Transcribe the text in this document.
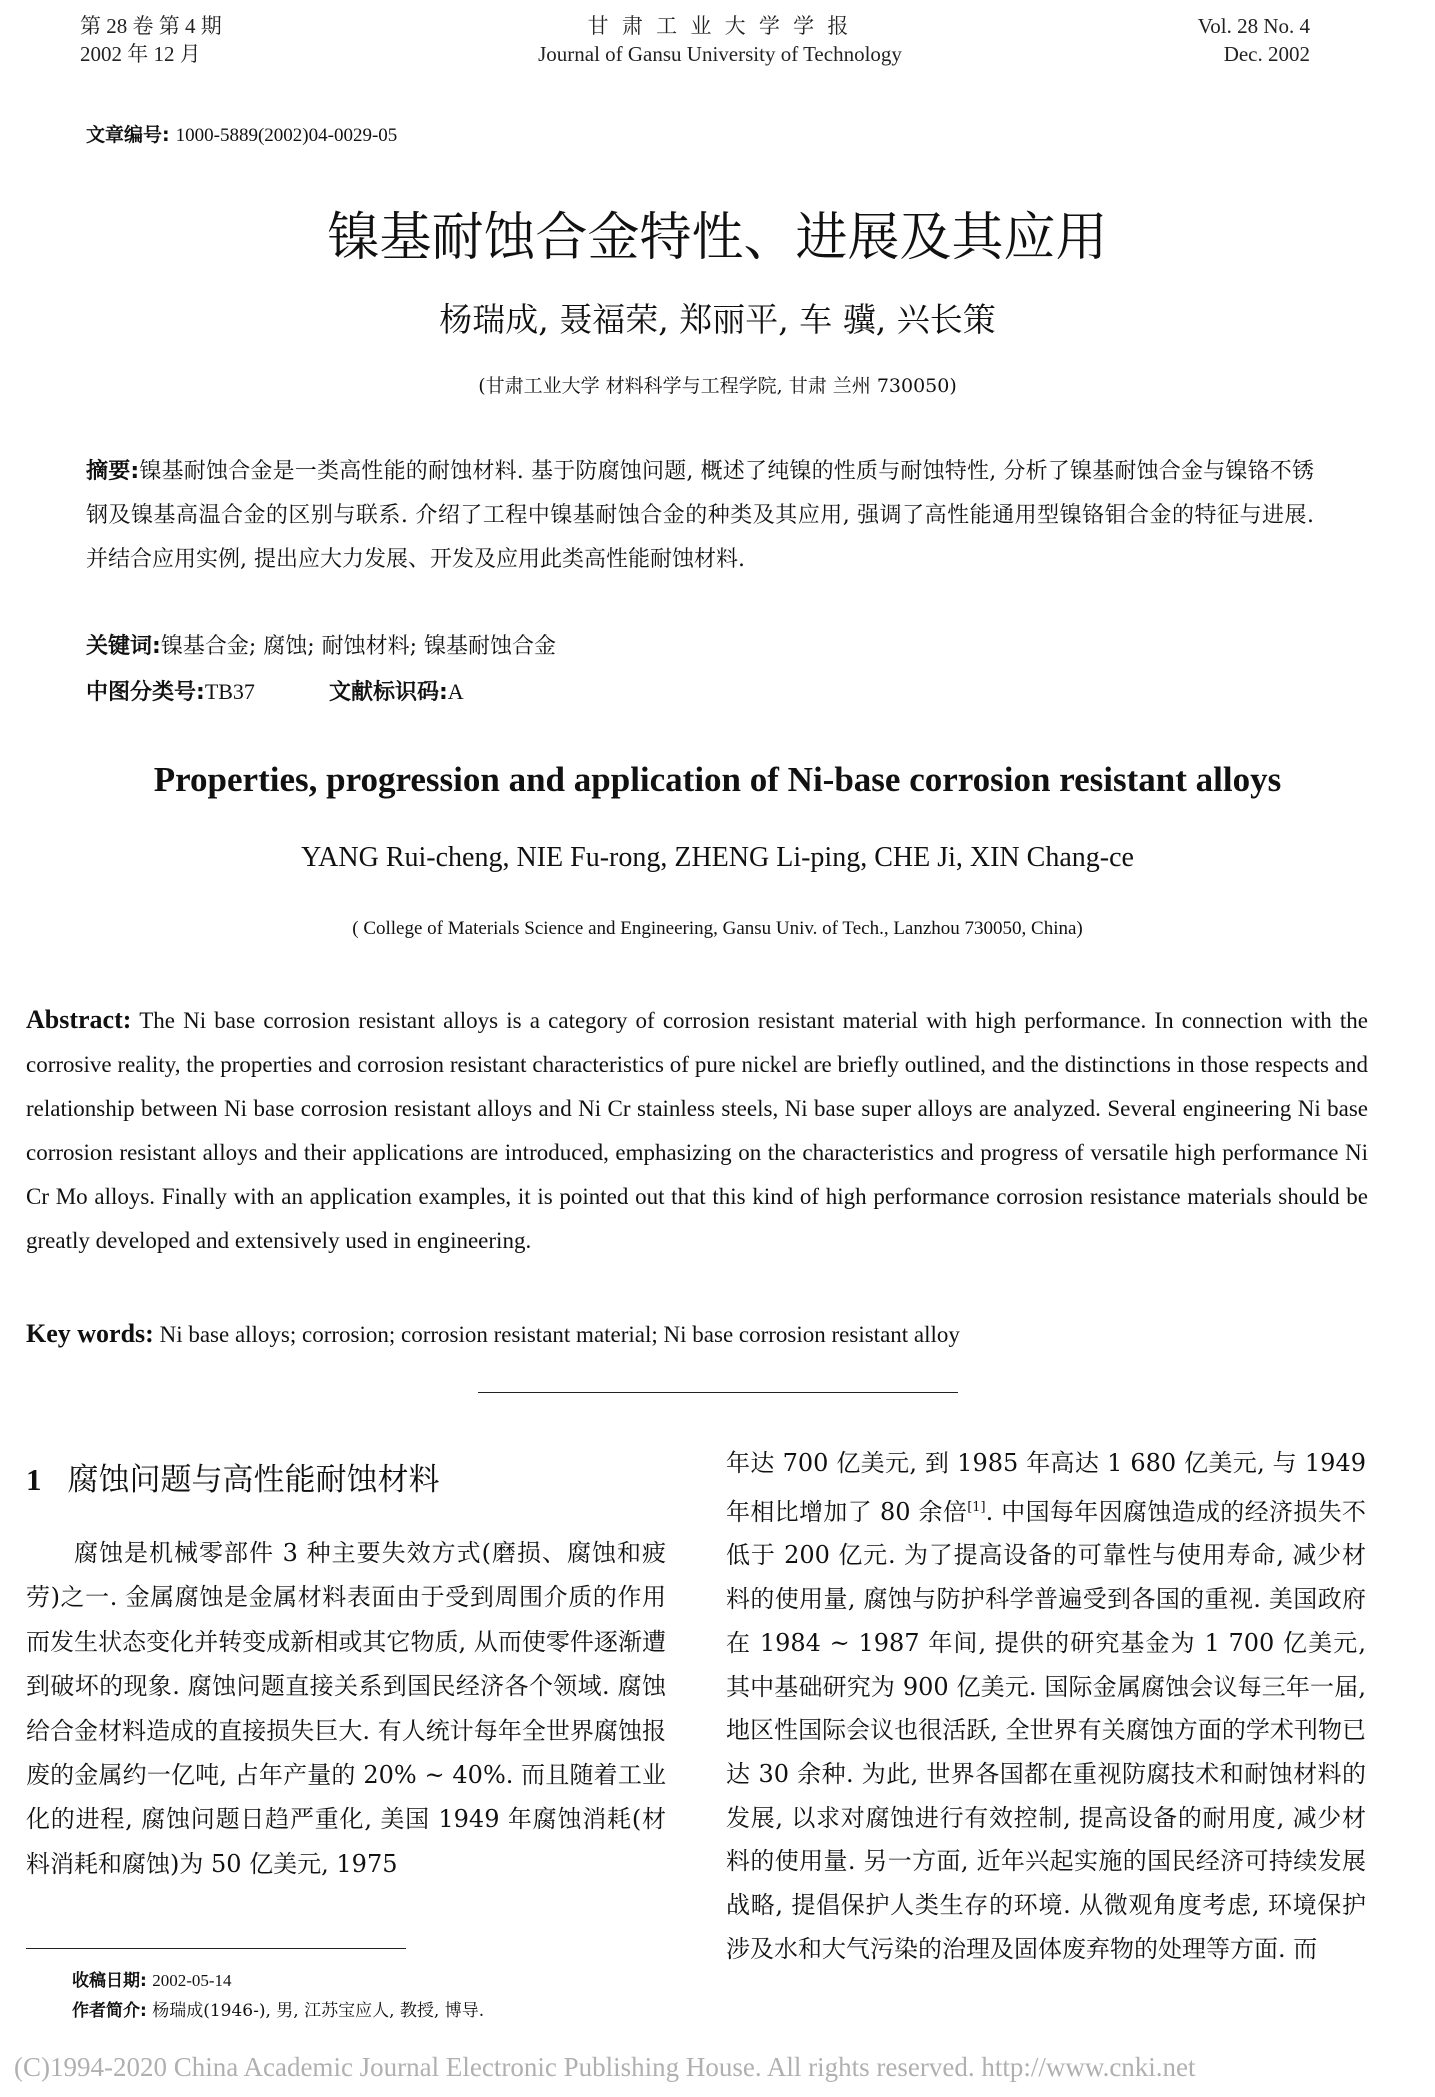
第 28 卷 第 4 期
2002 年 12 月
甘 肃 工 业 大 学 学 报
Journal of Gansu University of Technology
Vol. 28 No. 4
Dec. 2002
文章编号: 1000-5889(2002)04-0029-05
镍基耐蚀合金特性、进展及其应用
杨瑞成, 聂福荣, 郑丽平, 车 骥, 兴长策
(甘肃工业大学 材料科学与工程学院, 甘肃 兰州 730050)
摘要:镍基耐蚀合金是一类高性能的耐蚀材料. 基于防腐蚀问题, 概述了纯镍的性质与耐蚀特性, 分析了镍基耐蚀合金与镍铬不锈钢及镍基高温合金的区别与联系. 介绍了工程中镍基耐蚀合金的种类及其应用, 强调了高性能通用型镍铬钼合金的特征与进展. 并结合应用实例, 提出应大力发展、开发及应用此类高性能耐蚀材料.
关键词:镍基合金; 腐蚀; 耐蚀材料; 镍基耐蚀合金
中图分类号:TB37	文献标识码:A
Properties, progression and application of Ni-base corrosion resistant alloys
YANG Rui-cheng, NIE Fu-rong, ZHENG Li-ping, CHE Ji, XIN Chang-ce
( College of Materials Science and Engineering, Gansu Univ. of Tech., Lanzhou 730050, China)
Abstract: The Ni base corrosion resistant alloys is a category of corrosion resistant material with high performance. In connection with the corrosive reality, the properties and corrosion resistant characteristics of pure nickel are briefly outlined, and the distinctions in those respects and relationship between Ni base corrosion resistant alloys and Ni Cr stainless steels, Ni base super alloys are analyzed. Several engineering Ni base corrosion resistant alloys and their applications are introduced, emphasizing on the characteristics and progress of versatile high performance Ni Cr Mo alloys. Finally with an application examples, it is pointed out that this kind of high performance corrosion resistance materials should be greatly developed and extensively used in engineering.
Key words: Ni base alloys; corrosion; corrosion resistant material; Ni base corrosion resistant alloy
1 腐蚀问题与高性能耐蚀材料
腐蚀是机械零部件 3 种主要失效方式(磨损、腐蚀和疲劳)之一. 金属腐蚀是金属材料表面由于受到周围介质的作用而发生状态变化并转变成新相或其它物质, 从而使零件逐渐遭到破坏的现象. 腐蚀问题直接关系到国民经济各个领域. 腐蚀给合金材料造成的直接损失巨大. 有人统计每年全世界腐蚀报废的金属约一亿吨, 占年产量的 20% ~ 40%. 而且随着工业化的进程, 腐蚀问题日趋严重化, 美国 1949 年腐蚀消耗(材料消耗和腐蚀)为 50 亿美元, 1975
年达 700 亿美元, 到 1985 年高达 1 680 亿美元, 与 1949 年相比增加了 80 余倍[1]. 中国每年因腐蚀造成的经济损失不低于 200 亿元. 为了提高设备的可靠性与使用寿命, 减少材料的使用量, 腐蚀与防护科学普遍受到各国的重视. 美国政府在 1984 ~ 1987 年间, 提供的研究基金为 1 700 亿美元, 其中基础研究为 900 亿美元. 国际金属腐蚀会议每三年一届, 地区性国际会议也很活跃, 全世界有关腐蚀方面的学术刊物已达 30 余种. 为此, 世界各国都在重视防腐技术和耐蚀材料的发展, 以求对腐蚀进行有效控制, 提高设备的耐用度, 减少材料的使用量. 另一方面, 近年兴起实施的国民经济可持续发展战略, 提倡保护人类生存的环境. 从微观角度考虑, 环境保护涉及水和大气污染的治理及固体废弃物的处理等方面. 而
收稿日期: 2002-05-14
作者简介: 杨瑞成(1946-), 男, 江苏宝应人, 教授, 博导.
(C)1994-2020 China Academic Journal Electronic Publishing House. All rights reserved. http://www.cnki.net
